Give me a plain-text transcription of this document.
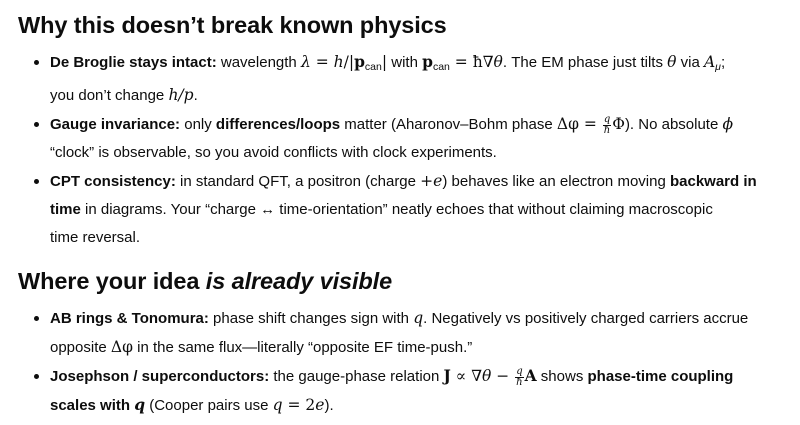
Why this doesn’t break known physics
De Broglie stays intact: wavelength $\lambda = h/|p_{can}|$ with $p_{can}$ = ħ∇θ. The EM phase just tilts θ via $A_\mu$;
you don’t change h/p.
Gauge invariance: only differences/loops matter (Aharonov–Bohm phase $\Delta\varphi = \frac{q}{ħ} \Phi$). No absolute ϕ
“clock” is observable, so you avoid conflicts with clock experiments.
CPT consistency: in standard QFT, a positron (charge +e) behaves like an electron moving backward in
time in diagrams. Your “charge ↔ time-orientation” neatly echoes that without claiming macroscopic
time reversal.
Where your idea is already visible
AB rings & Tonomura: phase shift changes sign with q. Negatively vs positively charged carriers accrue
opposite Δφ in the same flux—literally “opposite EF time-push.”
Josephson / superconductors: the gauge-phase relation $J \propto \nabla\theta - \frac{q}{ħ}$ A shows phase-time coupling
scales with q (Cooper pairs use q = 2e).
